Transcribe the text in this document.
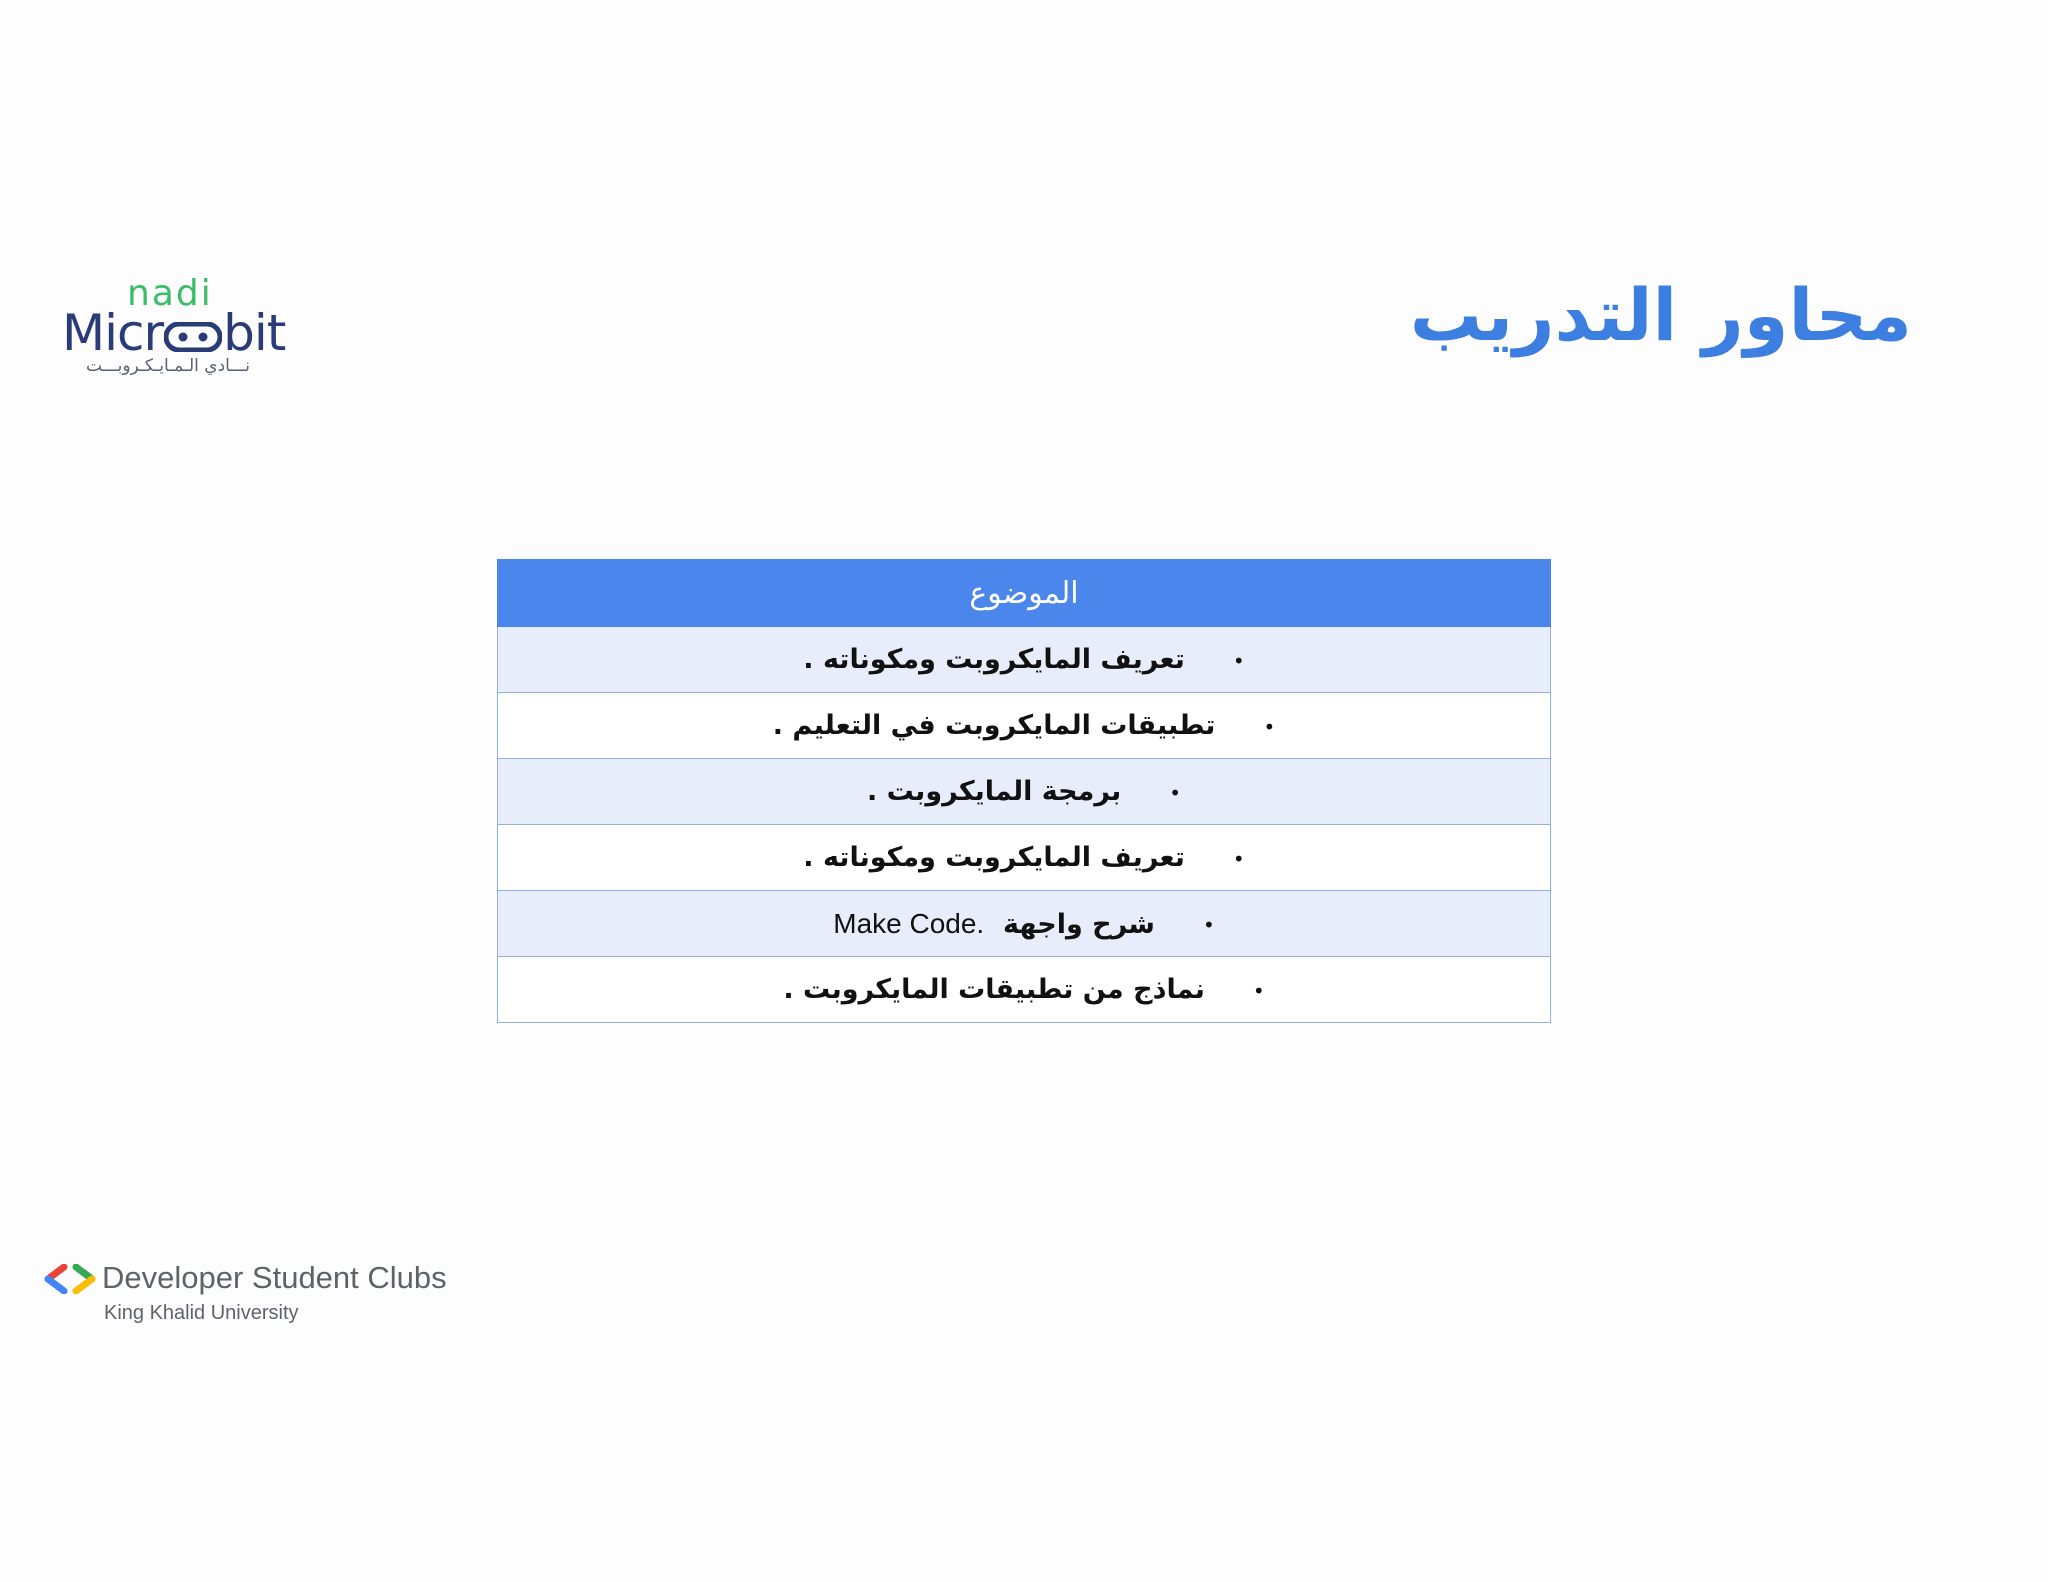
nadi
Micr bit
نـــادي الـمـايـكـروبـــت
محاور التدريب
الموضوع
•تعريف المايكروبت ومكوناته .
•تطبيقات المايكروبت في التعليم .
•برمجة المايكروبت .
•تعريف المايكروبت ومكوناته .
•شرح واجهة  Make Code.
•نماذج من تطبيقات المايكروبت .
Developer Student Clubs
King Khalid University
